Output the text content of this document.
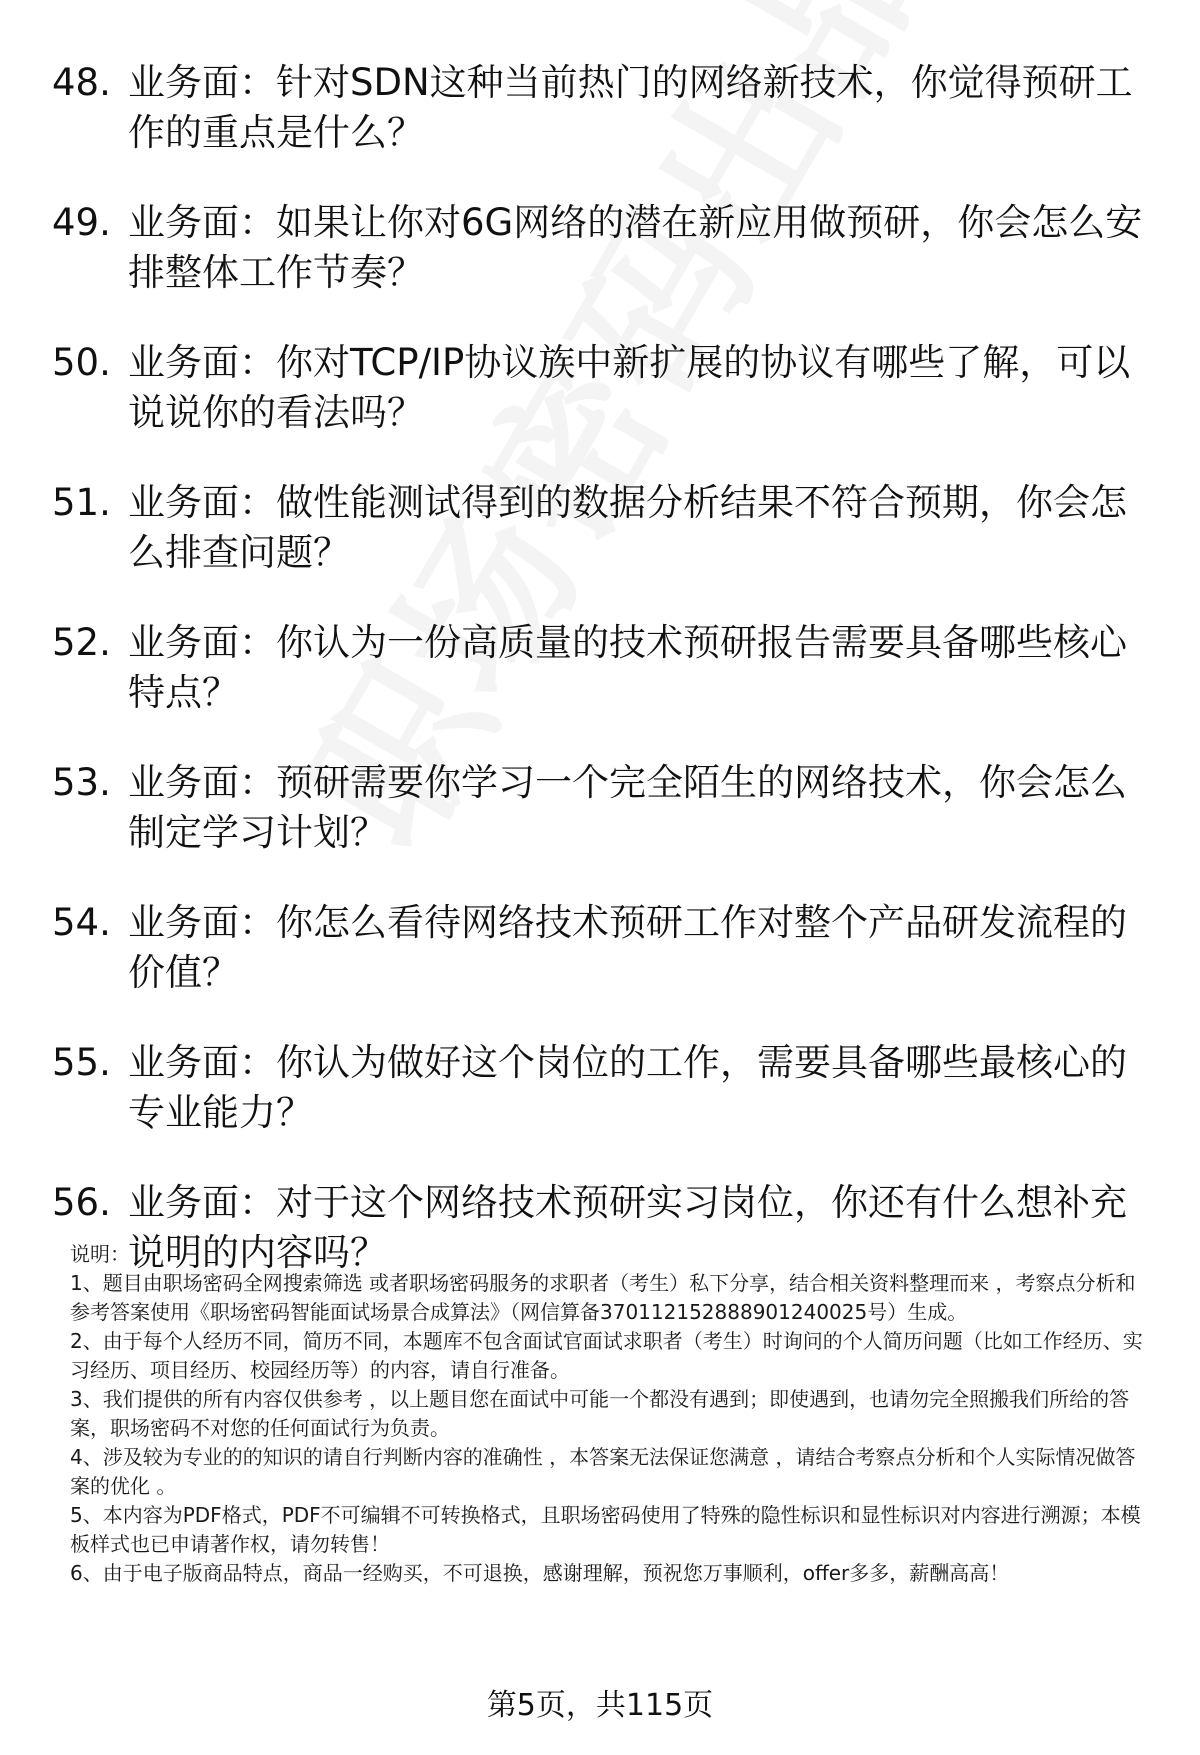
48. 业务面：针对SDN这种当前热门的网络新技术，你觉得预研工作的重点是什么？
49. 业务面：如果让你对6G网络的潜在新应用做预研，你会怎么安排整体工作节奏？
50. 业务面：你对TCP/IP协议族中新扩展的协议有哪些了解，可以说说你的看法吗？
51. 业务面：做性能测试得到的数据分析结果不符合预期，你会怎么排查问题？
52. 业务面：你认为一份高质量的技术预研报告需要具备哪些核心特点？
53. 业务面：预研需要你学习一个完全陌生的网络技术，你会怎么制定学习计划？
54. 业务面：你怎么看待网络技术预研工作对整个产品研发流程的价值？
55. 业务面：你认为做好这个岗位的工作，需要具备哪些最核心的专业能力？
56. 业务面：对于这个网络技术预研实习岗位，你还有什么想补充说明的内容吗？

说明：

1、题目由职场密码全网搜索筛选 或者职场密码服务的求职者（考生）私下分享，结合相关资料整理而来 ，考察点分析和参考答案使用《职场密码智能面试场景合成算法》（网信算备370112152888901240025号）生成。

2、由于每个人经历不同，简历不同，本题库不包含面试官面试求职者（考生）时询问的个人简历问题（比如工作经历、实习经历、项目经历、校园经历等）的内容，请自行准备。

3、我们提供的所有内容仅供参考 ，以上题目您在面试中可能一个都没有遇到；即使遇到，也请勿完全照搬我们所给的答案，职场密码不对您的任何面试行为负责。

4、涉及较为专业的的知识的请自行判断内容的准确性 ，本答案无法保证您满意 ，请结合考察点分析和个人实际情况做答案的优化 。

5、本内容为PDF格式，PDF不可编辑不可转换格式，且职场密码使用了特殊的隐性标识和显性标识对内容进行溯源；本模板样式也已申请著作权，请勿转售！

6、由于电子版商品特点，商品一经购买，不可退换，感谢理解，预祝您万事顺利，offer多多，薪酬高高！

第5页，共115页
